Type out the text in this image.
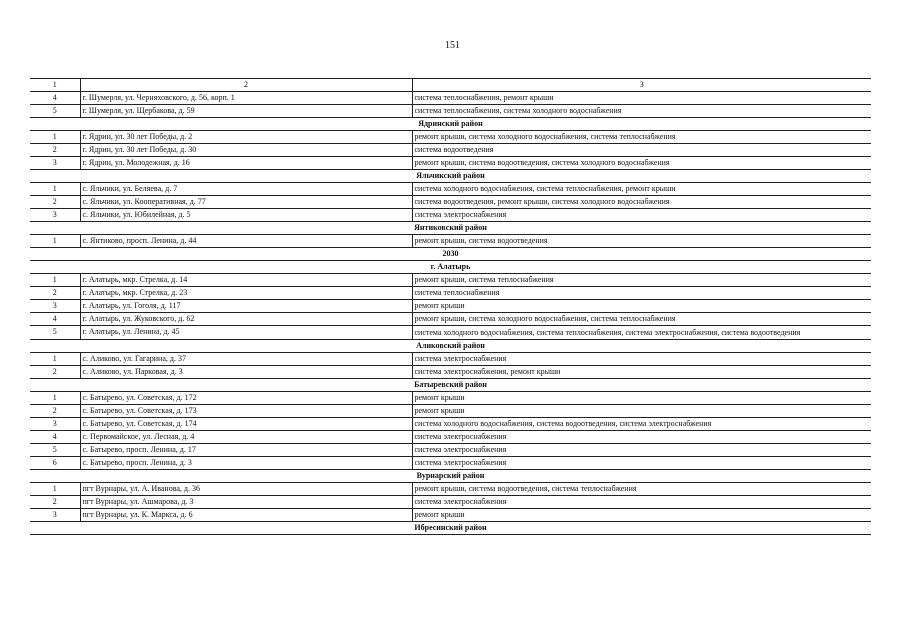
151
1	2	3
4	г. Шумерля, ул. Черняховского, д. 56, корп. 1	система теплоснабжения, ремонт крыши
5	г. Шумерля, ул. Щербакова, д. 59	система теплоснабжения, система холодного водоснабжения
Ядринский район		
1	г. Ядрин, ул. 30 лет Победы, д. 2	ремонт крыши, система холодного водоснабжения, система теплоснабжения
2	г. Ядрин, ул. 30 лет Победы, д. 30	система водоотведения
3	г. Ядрин, ул. Молодежная, д. 16	ремонт крыши, система водоотведения, система холодного водоснабжения
Яльчикский район		
1	с. Яльчики, ул. Беляева, д. 7	система холодного водоснабжения, система теплоснабжения, ремонт крыши
2	с. Яльчики, ул. Кооперативная, д. 77	система водоотведения, ремонт крыши, система холодного водоснабжения
3	с. Яльчики, ул. Юбилейная, д. 5	система электроснабжения
Янтиковский район		
1	с. Янтиково, просп. Ленина, д. 44	ремонт крыши, система водоотведения
2030		
г. Алатырь		
1	г. Алатырь, мкр. Стрелка, д. 14	ремонт крыши, система теплоснабжения
2	г. Алатырь, мкр. Стрелка, д. 23	система теплоснабжения
3	г. Алатырь, ул. Гоголя, д. 117	ремонт крыши
4	г. Алатырь, ул. Жуковского, д. 62	ремонт крыши, система холодного водоснабжения, система теплоснабжения
5	г. Алатырь, ул. Ленина, д. 45	система холодного водоснабжения, система теплоснабжения, система электроснабжения, система водоотведения
Аликовский район		
1	с. Аликово, ул. Гагарина, д. 37	система электроснабжения
2	с. Аликово, ул. Парковая, д. 3	система электроснабжения, ремонт крыши
Батыревский район		
1	с. Батырево, ул. Советская, д. 172	ремонт крыши
2	с. Батырево, ул. Советская, д. 173	ремонт крыши
3	с. Батырево, ул. Советская, д. 174	система холодного водоснабжения, система водоотведения, система электроснабжения
4	с. Первомайское, ул. Лесная, д. 4	система электроснабжения
5	с. Батырево, просп. Ленина, д. 17	система электроснабжения
6	с. Батырево, просп. Ленина, д. 3	система электроснабжения
Вурнарский район		
1	пгт Вурнары, ул. А. Иванова, д. 36	ремонт крыши, система водоотведения, система теплоснабжения
2	пгт Вурнары, ул. Ашмарова, д. 3	система электроснабжения
3	пгт Вурнары, ул. К. Маркса, д. 6	ремонт крыши
Ибресинский район		
